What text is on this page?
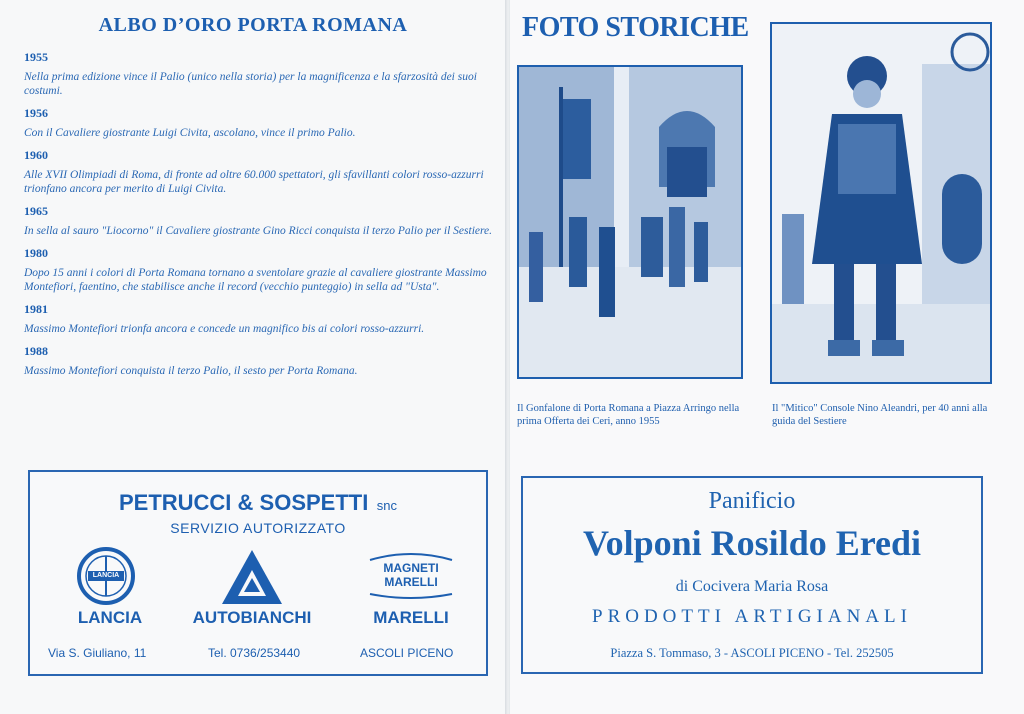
ALBO D’ORO PORTA ROMANA
1955
Nella prima edizione vince il Palio (unico nella storia) per la magnificenza e la sfarzosità dei suoi costumi.
1956
Con il Cavaliere giostrante Luigi Civita, ascolano, vince il primo Palio.
1960
Alle XVII Olimpiadi di Roma, di fronte ad oltre 60.000 spettatori, gli sfavillanti colori rosso-azzurri trionfano ancora per merito di Luigi Civita.
1965
In sella al sauro "Liocorno" il Cavaliere giostrante Gino Ricci conquista il terzo Palio per il Sestiere.
1980
Dopo 15 anni i colori di Porta Romana tornano a sventolare grazie al cavaliere giostrante Massimo Montefiori, faentino, che stabilisce anche il record (vecchio punteggio) in sella ad "Usta".
1981
Massimo Montefiori trionfa ancora e concede un magnifico bis ai colori rosso-azzurri.
1988
Massimo Montefiori conquista il terzo Palio, il sesto per Porta Romana.
PETRUCCI & SOSPETTI snc
SERVIZIO AUTORIZZATO
LANCIA
MAGNETI MARELLI
LANCIA	AUTOBIANCHI	MARELLI
Via S. Giuliano, 11	Tel. 0736/253440	ASCOLI PICENO
FOTO STORICHE
Il Gonfalone di Porta Romana a Piazza Arringo nella prima Offerta dei Ceri, anno 1955
Il "Mitico" Console Nino Aleandri, per 40 anni alla guida del Sestiere
Panificio
Volponi Rosildo Eredi
di Cocivera Maria Rosa
PRODOTTI ARTIGIANALI
Piazza S. Tommaso, 3 - ASCOLI PICENO - Tel. 252505
